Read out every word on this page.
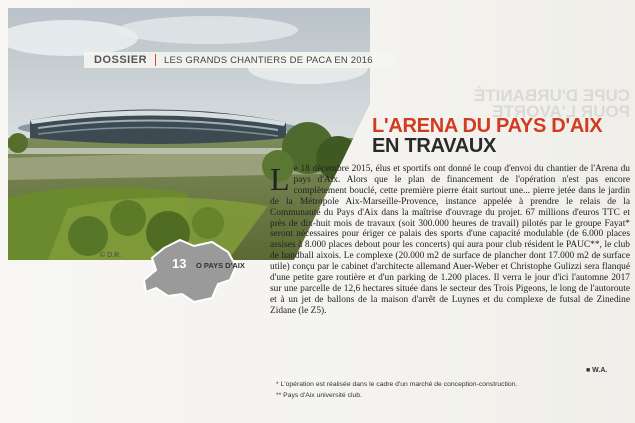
CUPE D'URBANITÉ POUR L'AVORTE
DOSSIER LES GRANDS CHANTIERS DE PACA EN 2016
13 O PAYS D'AIX
© D.R.
L'ARENA DU PAYS D'AIX
EN TRAVAUX
L e 18 décembre 2015, élus et sportifs ont donné le coup d'envoi du chantier de l'Arena du pays d'Aix. Alors que le plan de financement de l'opération n'est pas encore complètement bouclé, cette première pierre était surtout une... pierre jetée dans le jardin de la Métropole Aix-Marseille-Provence, instance appelée à prendre le relais de la Communauté du Pays d'Aix dans la maîtrise d'ouvrage du projet. 67 millions d'euros TTC et près de dix-huit mois de travaux (soit 300.000 heures de travail) pilotés par le groupe Fayat* seront nécessaires pour ériger ce palais des sports d'une capacité modulable (de 6.000 places assises à 8.000 places debout pour les concerts) qui aura pour club résident le PAUC**, le club de handball aixois. Le complexe (20.000 m2 de surface de plancher dont 17.000 m2 de surface utile) conçu par le cabinet d'architecte allemand Auer-Weber et Christophe Gulizzi sera flanqué d'une petite gare routière et d'un parking de 1.200 places. Il verra le jour d'ici l'automne 2017 sur une parcelle de 12,6 hectares située dans le secteur des Trois Pigeons, le long de l'autoroute et à un jet de ballons de la maison d'arrêt de Luynes et du complexe de futsal de Zinedine Zidane (le Z5).

■ W.A.
* L'opération est réalisée dans le cadre d'un marché de conception-construction.
** Pays d'Aix université club.
